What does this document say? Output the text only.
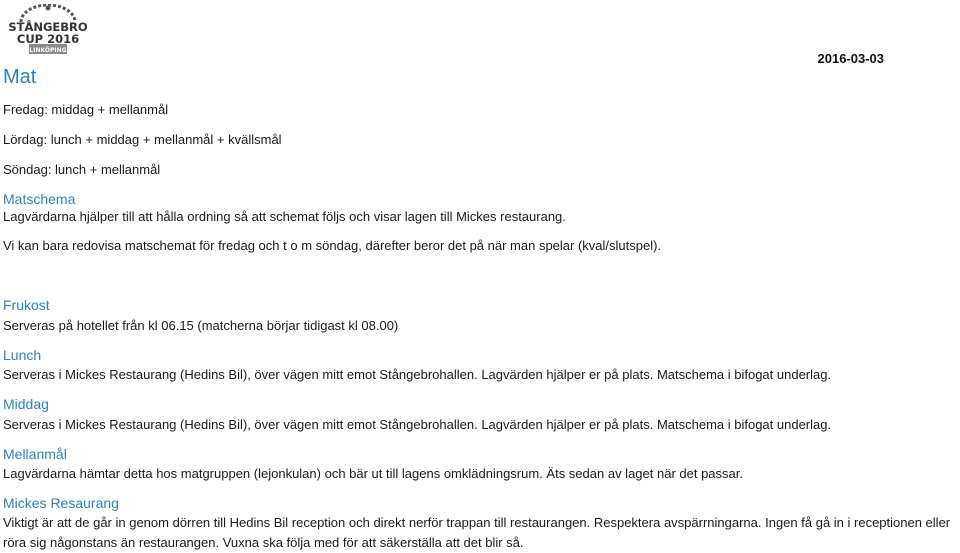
STÅNGEBRO
CUP 2016
LINKÖPING
2016-03-03
Mat
Fredag: middag + mellanmål
Lördag: lunch + middag + mellanmål + kvällsmål
Söndag: lunch + mellanmål
Matschema
Lagvärdarna hjälper till att hålla ordning så att schemat följs och visar lagen till Mickes restaurang.
Vi kan bara redovisa matschemat för fredag och t o m söndag, därefter beror det på när man spelar (kval/slutspel).
Frukost
Serveras på hotellet från kl 06.15 (matcherna börjar tidigast kl 08.00)
Lunch
Serveras i Mickes Restaurang (Hedins Bil), över vägen mitt emot Stångebrohallen. Lagvärden hjälper er på plats. Matschema i bifogat underlag.
Middag
Serveras i Mickes Restaurang (Hedins Bil), över vägen mitt emot Stångebrohallen. Lagvärden hjälper er på plats. Matschema i bifogat underlag.
Mellanmål
Lagvärdarna hämtar detta hos matgruppen (lejonkulan) och bär ut till lagens omklädningsrum. Äts sedan av laget när det passar.
Mickes Resaurang
Viktigt är att de går in genom dörren till Hedins Bil reception och direkt nerför trappan till restaurangen. Respektera avspärrningarna. Ingen få gå in i receptionen eller röra sig någonstans än restaurangen. Vuxna ska följa med för att säkerställa att det blir så.
